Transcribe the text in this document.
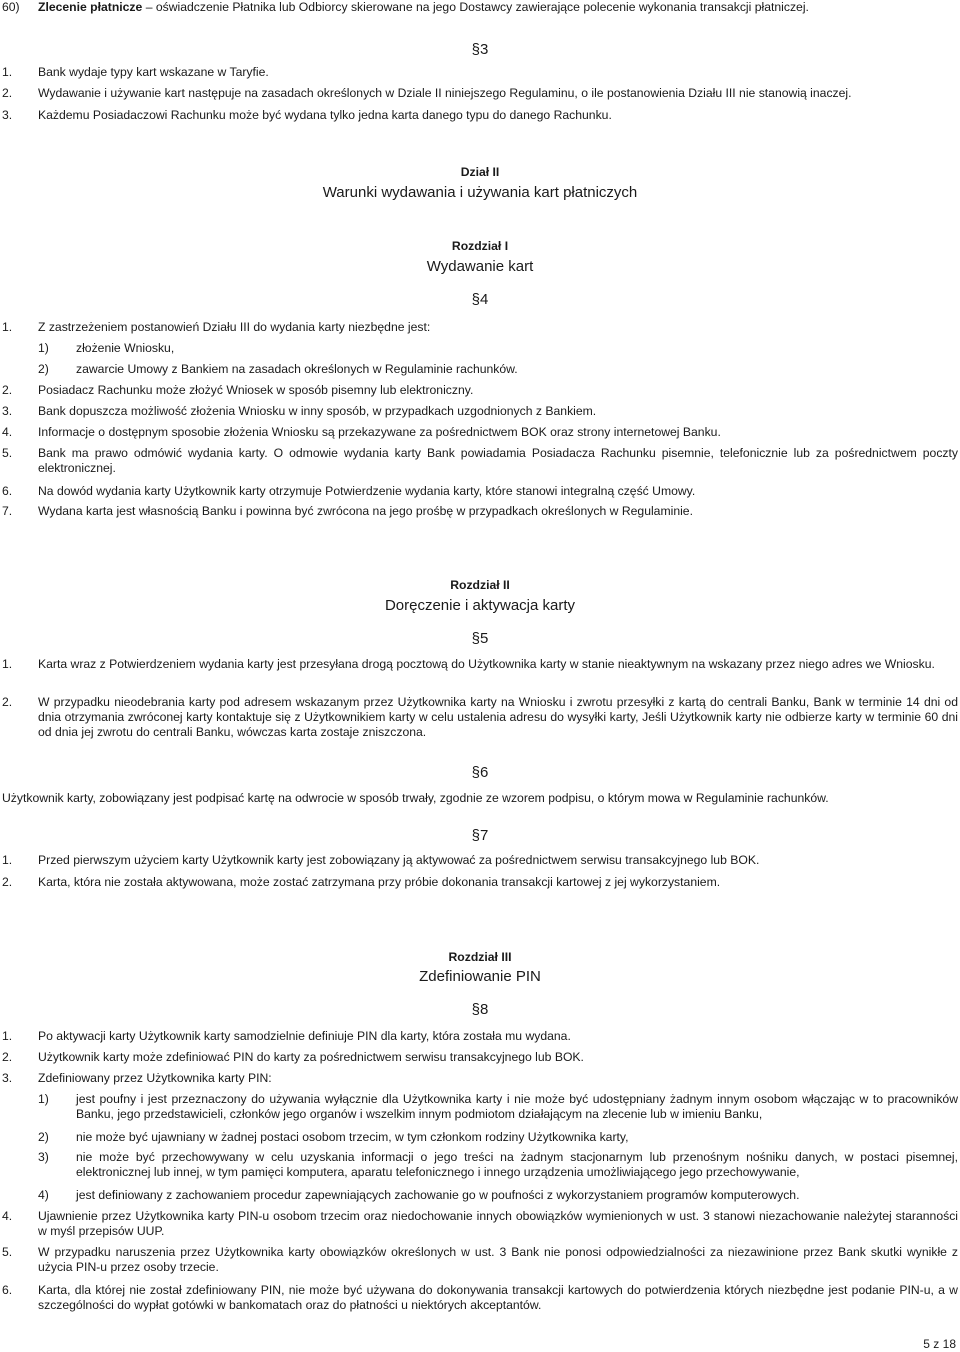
60) Zlecenie płatnicze – oświadczenie Płatnika lub Odbiorcy skierowane na jego Dostawcy zawierające polecenie wykonania transakcji płatniczej.
§3
1. Bank wydaje typy kart wskazane w Taryfie.
2. Wydawanie i używanie kart następuje na zasadach określonych w Dziale II niniejszego Regulaminu, o ile postanowienia Działu III nie stanowią inaczej.
3. Każdemu Posiadaczowi Rachunku może być wydana tylko jedna karta danego typu do danego Rachunku.
Dział II
Warunki wydawania i używania kart płatniczych
Rozdział I
Wydawanie kart
§4
1. Z zastrzeżeniem postanowień Działu III do wydania karty niezbędne jest:
1) złożenie Wniosku,
2) zawarcie Umowy z Bankiem na zasadach określonych w Regulaminie rachunków.
2. Posiadacz Rachunku może złożyć Wniosek w sposób pisemny lub elektroniczny.
3. Bank dopuszcza możliwość złożenia Wniosku w inny sposób, w przypadkach uzgodnionych z Bankiem.
4. Informacje o dostępnym sposobie złożenia Wniosku są przekazywane za pośrednictwem BOK oraz strony internetowej Banku.
5. Bank ma prawo odmówić wydania karty. O odmowie wydania karty Bank powiadamia Posiadacza Rachunku pisemnie, telefonicznie lub za pośrednictwem poczty elektronicznej.
6. Na dowód wydania karty Użytkownik karty otrzymuje Potwierdzenie wydania karty, które stanowi integralną część Umowy.
7. Wydana karta jest własnością Banku i powinna być zwrócona na jego prośbę w przypadkach określonych w Regulaminie.
Rozdział II
Doręczenie i aktywacja karty
§5
1. Karta wraz z Potwierdzeniem wydania karty jest przesyłana drogą pocztową do Użytkownika karty w stanie nieaktywnym na wskazany przez niego adres we Wniosku.
2. W przypadku nieodebrania karty pod adresem wskazanym przez Użytkownika karty na Wniosku i zwrotu przesyłki z kartą do centrali Banku, Bank w terminie 14 dni od dnia otrzymania zwróconej karty kontaktuje się z Użytkownikiem karty w celu ustalenia adresu do wysyłki karty, Jeśli Użytkownik karty nie odbierze karty w terminie 60 dni od dnia jej zwrotu do centrali Banku, wówczas karta zostaje zniszczona.
§6
Użytkownik karty, zobowiązany jest podpisać kartę na odwrocie w sposób trwały, zgodnie ze wzorem podpisu, o którym mowa w Regulaminie rachunków.
§7
1. Przed pierwszym użyciem karty Użytkownik karty jest zobowiązany ją aktywować za pośrednictwem serwisu transakcyjnego lub BOK.
2. Karta, która nie została aktywowana, może zostać zatrzymana przy próbie dokonania transakcji kartowej z jej wykorzystaniem.
Rozdział III
Zdefiniowanie PIN
§8
1. Po aktywacji karty Użytkownik karty samodzielnie definiuje PIN dla karty, która została mu wydana.
2. Użytkownik karty może zdefiniować PIN do karty za pośrednictwem serwisu transakcyjnego lub BOK.
3. Zdefiniowany przez Użytkownika karty PIN:
1) jest poufny i jest przeznaczony do używania wyłącznie dla Użytkownika karty i nie może być udostępniany żadnym innym osobom włączając w to pracowników Banku, jego przedstawicieli, członków jego organów i wszelkim innym podmiotom działającym na zlecenie lub w imieniu Banku,
2) nie może być ujawniany w żadnej postaci osobom trzecim, w tym członkom rodziny Użytkownika karty,
3) nie może być przechowywany w celu uzyskania informacji o jego treści na żadnym stacjonarnym lub przenośnym nośniku danych, w postaci pisemnej, elektronicznej lub innej, w tym pamięci komputera, aparatu telefonicznego i innego urządzenia umożliwiającego jego przechowywanie,
4) jest definiowany z zachowaniem procedur zapewniających zachowanie go w poufności z wykorzystaniem programów komputerowych.
4. Ujawnienie przez Użytkownika karty PIN-u osobom trzecim oraz niedochowanie innych obowiązków wymienionych w ust. 3 stanowi niezachowanie należytej staranności w myśl przepisów UUP.
5. W przypadku naruszenia przez Użytkownika karty obowiązków określonych w ust. 3 Bank nie ponosi odpowiedzialności za niezawinione przez Bank skutki wynikłe z użycia PIN-u przez osoby trzecie.
6. Karta, dla której nie został zdefiniowany PIN, nie może być używana do dokonywania transakcji kartowych do potwierdzenia których niezbędne jest podanie PIN-u, a w szczególności do wypłat gotówki w bankomatach oraz do płatności u niektórych akceptantów.
5 z 18
